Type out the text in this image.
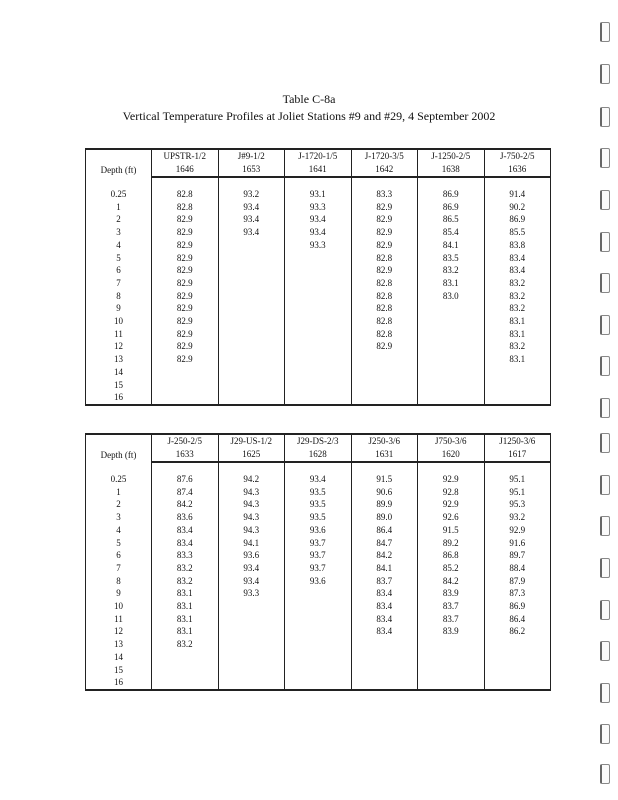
Table C-8a
Vertical Temperature Profiles at Joliet Stations #9 and #29, 4 September 2002
Depth (ft)	UPSTR-1/2	J#9-1/2	J-1720-1/5	J-1720-3/5	J-1250-2/5	J-750-2/5
	1646	1653	1641	1642	1638	1636

0.25	82.8	93.2	93.1	83.3	86.9	91.4
1	82.8	93.4	93.3	82.9	86.9	90.2
2	82.9	93.4	93.4	82.9	86.5	86.9
3	82.9	93.4	93.4	82.9	85.4	85.5
4	82.9		93.3	82.9	84.1	83.8
5	82.9			82.8	83.5	83.4
6	82.9			82.9	83.2	83.4
7	82.9			82.8	83.1	83.2
8	82.9			82.8	83.0	83.2
9	82.9			82.8		83.2
10	82.9			82.8		83.1
11	82.9			82.8		83.1
12	82.9			82.9		83.2
13	82.9					83.1
14						
15						
16						
Depth (ft)	J-250-2/5	J29-US-1/2	J29-DS-2/3	J250-3/6	J750-3/6	J1250-3/6
	1633	1625	1628	1631	1620	1617

0.25	87.6	94.2	93.4	91.5	92.9	95.1
1	87.4	94.3	93.5	90.6	92.8	95.1
2	84.2	94.3	93.5	89.9	92.9	95.3
3	83.6	94.3	93.5	89.0	92.6	93.2
4	83.4	94.3	93.6	86.4	91.5	92.9
5	83.4	94.1	93.7	84.7	89.2	91.6
6	83.3	93.6	93.7	84.2	86.8	89.7
7	83.2	93.4	93.7	84.1	85.2	88.4
8	83.2	93.4	93.6	83.7	84.2	87.9
9	83.1	93.3		83.4	83.9	87.3
10	83.1			83.4	83.7	86.9
11	83.1			83.4	83.7	86.4
12	83.1			83.4	83.9	86.2
13	83.2					
14						
15						
16						
